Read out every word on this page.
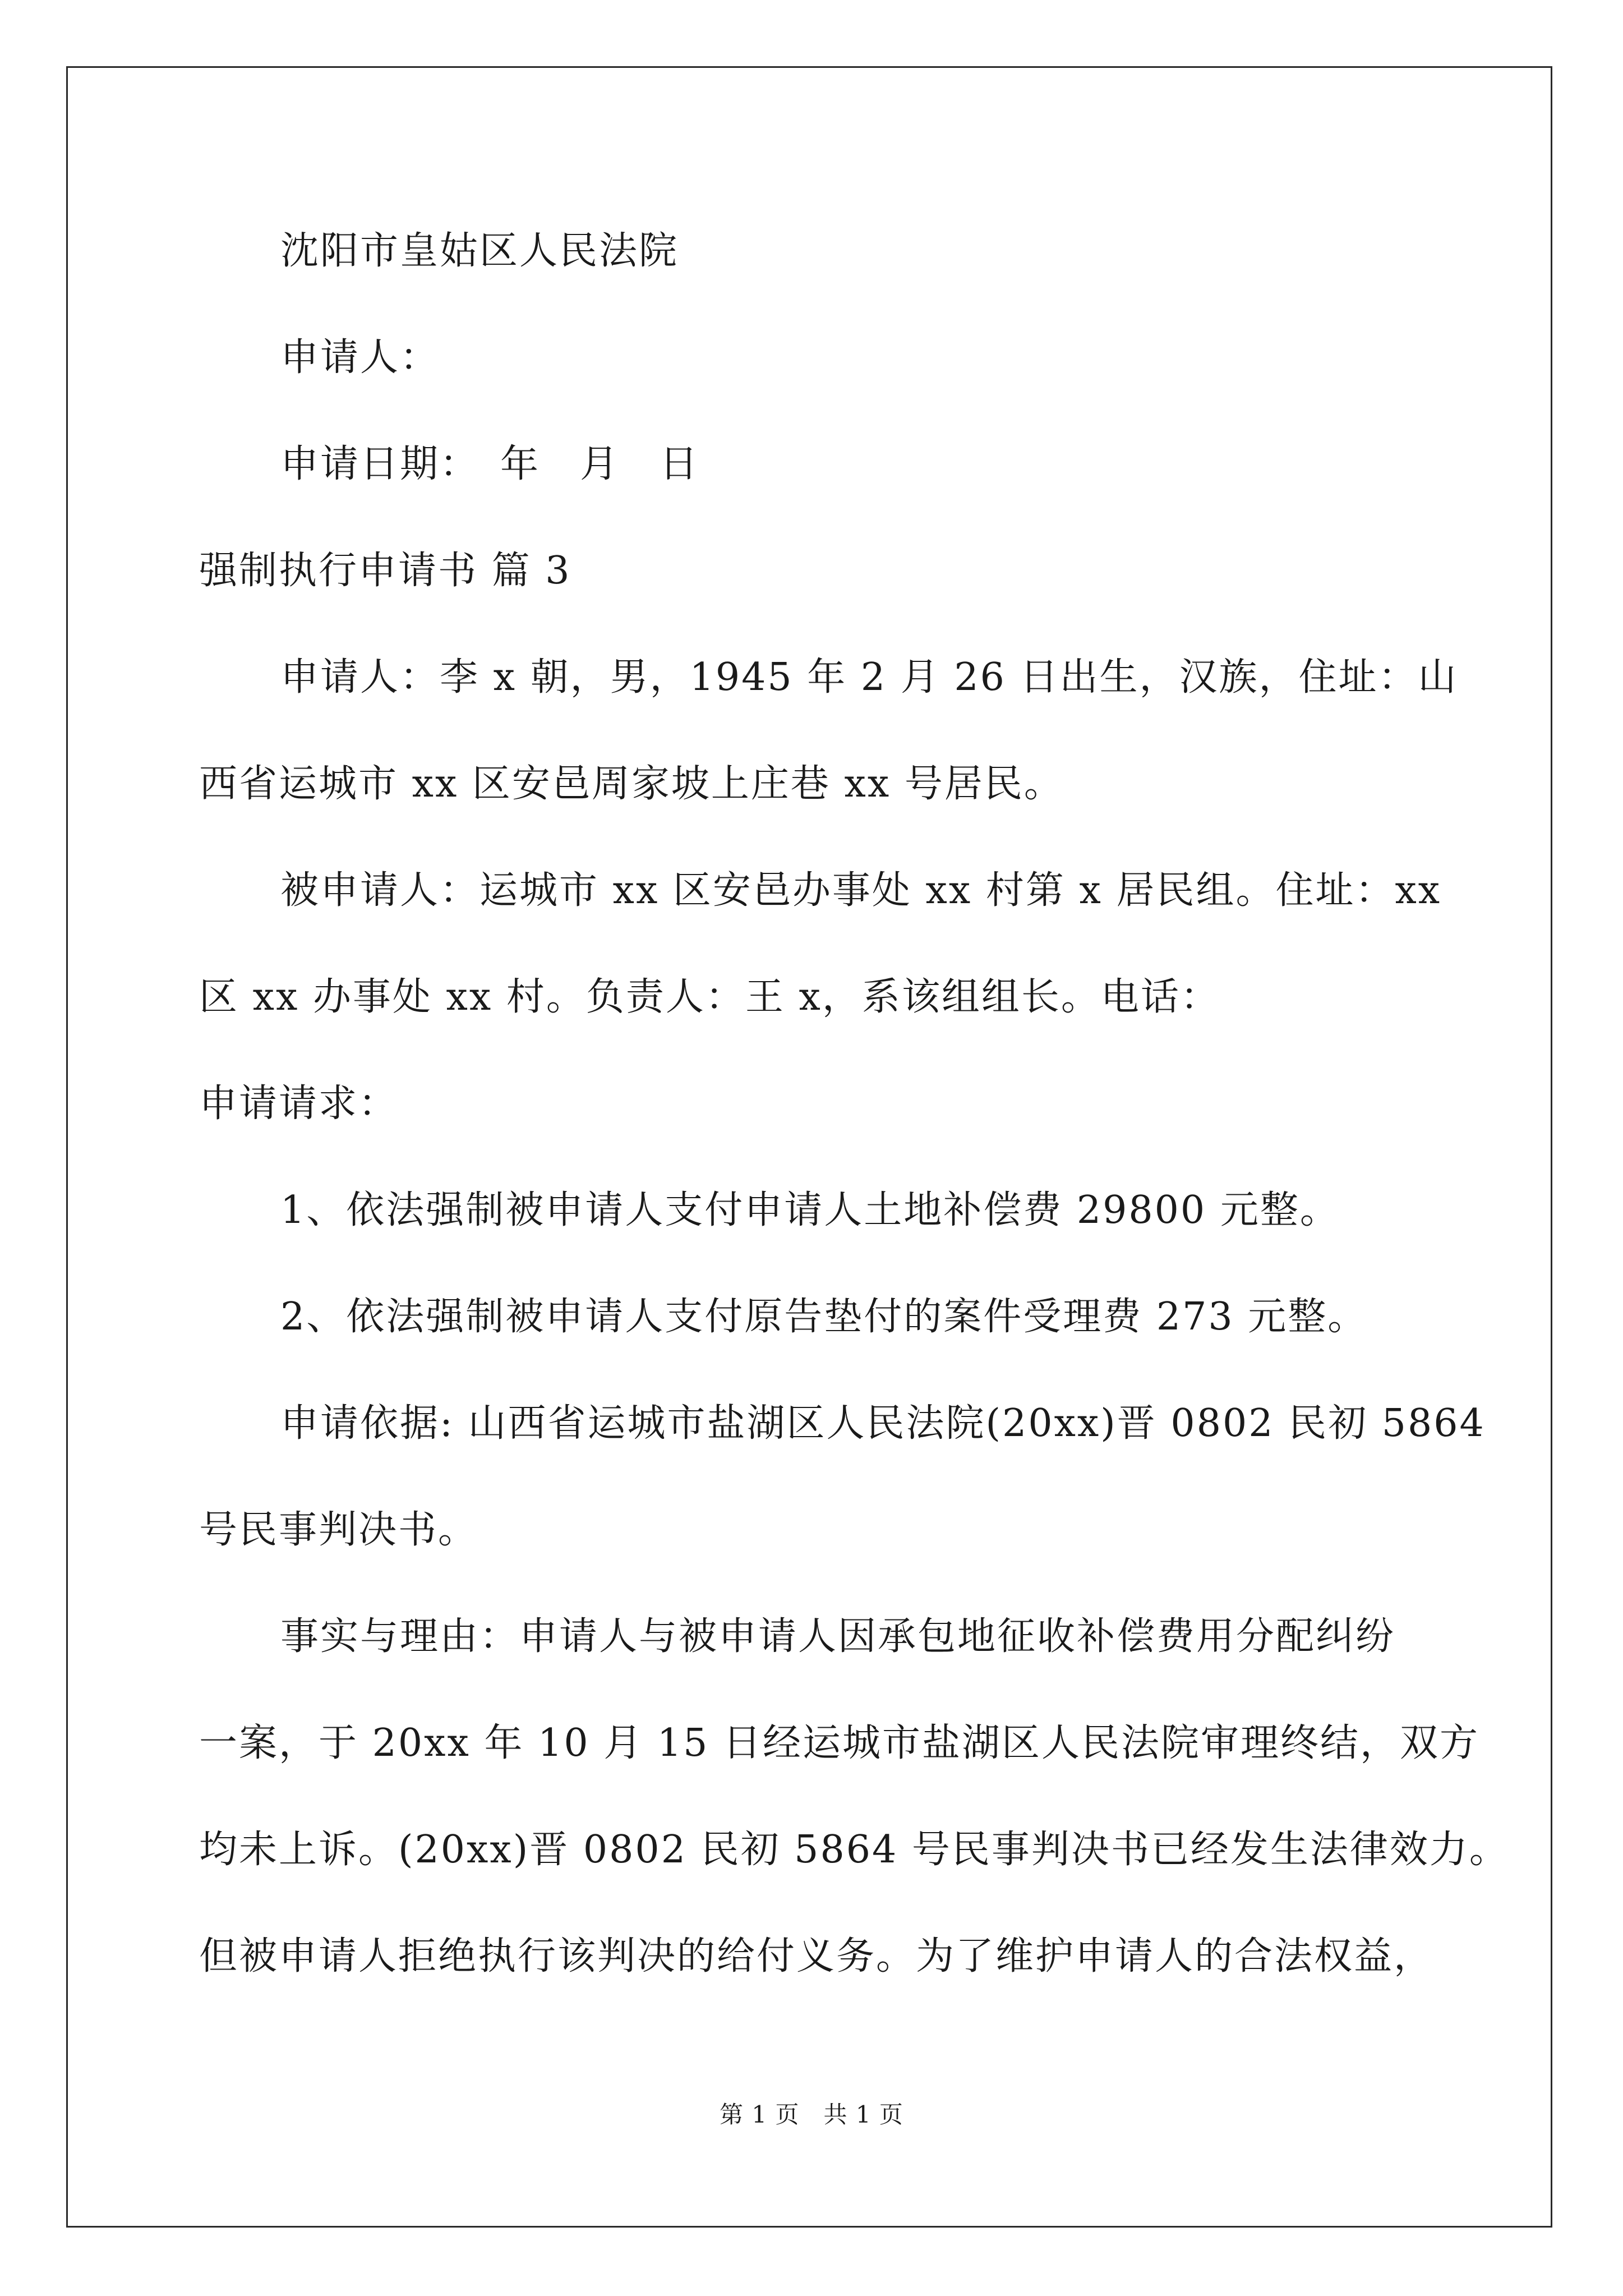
沈阳市皇姑区人民法院
申请人：
申请日期：　年　月　日
强制执行申请书 篇 3
申请人：李 x 朝，男，1945 年 2 月 26 日出生，汉族，住址：山
西省运城市 xx 区安邑周家坡上庄巷 xx 号居民。
被申请人：运城市 xx 区安邑办事处 xx 村第 x 居民组。住址：xx
区 xx 办事处 xx 村。负责人：王 x，系该组组长。电话：
申请请求：
1、依法强制被申请人支付申请人土地补偿费 29800 元整。
2、依法强制被申请人支付原告垫付的案件受理费 273 元整。
申请依据: 山西省运城市盐湖区人民法院(20xx)晋 0802 民初 5864
号民事判决书。
事实与理由：申请人与被申请人因承包地征收补偿费用分配纠纷
一案，于 20xx 年 10 月 15 日经运城市盐湖区人民法院审理终结，双方
均未上诉。(20xx)晋 0802 民初 5864 号民事判决书已经发生法律效力。
但被申请人拒绝执行该判决的给付义务。为了维护申请人的合法权益，
第 1 页　共 1 页
